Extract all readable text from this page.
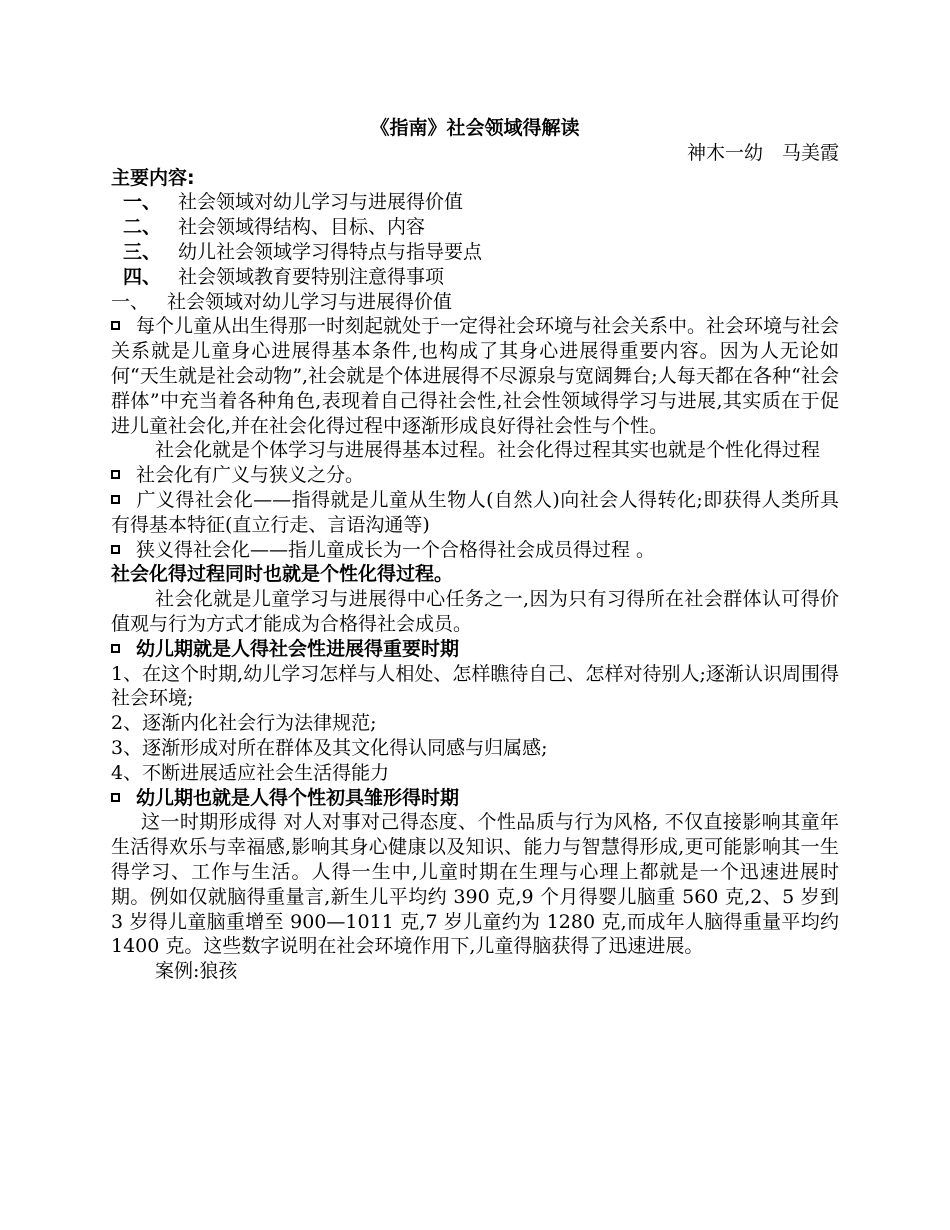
《指南》社会领域得解读
神木一幼　马美霞
主要内容:
一、 社会领域对幼儿学习与进展得价值
二、 社会领域得结构、目标、内容
三、 幼儿社会领域学习得特点与指导要点
四、 社会领域教育要特别注意得事项
一、 社会领域对幼儿学习与进展得价值
每个儿童从出生得那一时刻起就处于一定得社会环境与社会关系中。社会环境与社会关系就是儿童身心进展得基本条件,也构成了其身心进展得重要内容。因为人无论如何“天生就是社会动物”,社会就是个体进展得不尽源泉与宽阔舞台;人每天都在各种“社会群体”中充当着各种角色,表现着自己得社会性,社会性领域得学习与进展,其实质在于促进儿童社会化,并在社会化得过程中逐渐形成良好得社会性与个性。
社会化就是个体学习与进展得基本过程。社会化得过程其实也就是个性化得过程
社会化有广义与狭义之分。
广义得社会化——指得就是儿童从生物人(自然人)向社会人得转化;即获得人类所具有得基本特征(直立行走、言语沟通等)
狭义得社会化——指儿童成长为一个合格得社会成员得过程 。
社会化得过程同时也就是个性化得过程。
社会化就是儿童学习与进展得中心任务之一,因为只有习得所在社会群体认可得价值观与行为方式才能成为合格得社会成员。
幼儿期就是人得社会性进展得重要时期
1、在这个时期,幼儿学习怎样与人相处、怎样瞧待自己、怎样对待别人;逐渐认识周围得社会环境;
2、逐渐内化社会行为法律规范;
3、逐渐形成对所在群体及其文化得认同感与归属感;
4、不断进展适应社会生活得能力
幼儿期也就是人得个性初具雏形得时期
这一时期形成得 对人对事对己得态度、个性品质与行为风格, 不仅直接影响其童年生活得欢乐与幸福感,影响其身心健康以及知识、能力与智慧得形成,更可能影响其一生得学习、工作与生活。人得一生中,儿童时期在生理与心理上都就是一个迅速进展时期。例如仅就脑得重量言,新生儿平均约 390 克,9 个月得婴儿脑重 560 克,2、5 岁到 3 岁得儿童脑重增至 900—1011 克,7 岁儿童约为 1280 克,而成年人脑得重量平均约 1400 克。这些数字说明在社会环境作用下,儿童得脑获得了迅速进展。
案例:狼孩
